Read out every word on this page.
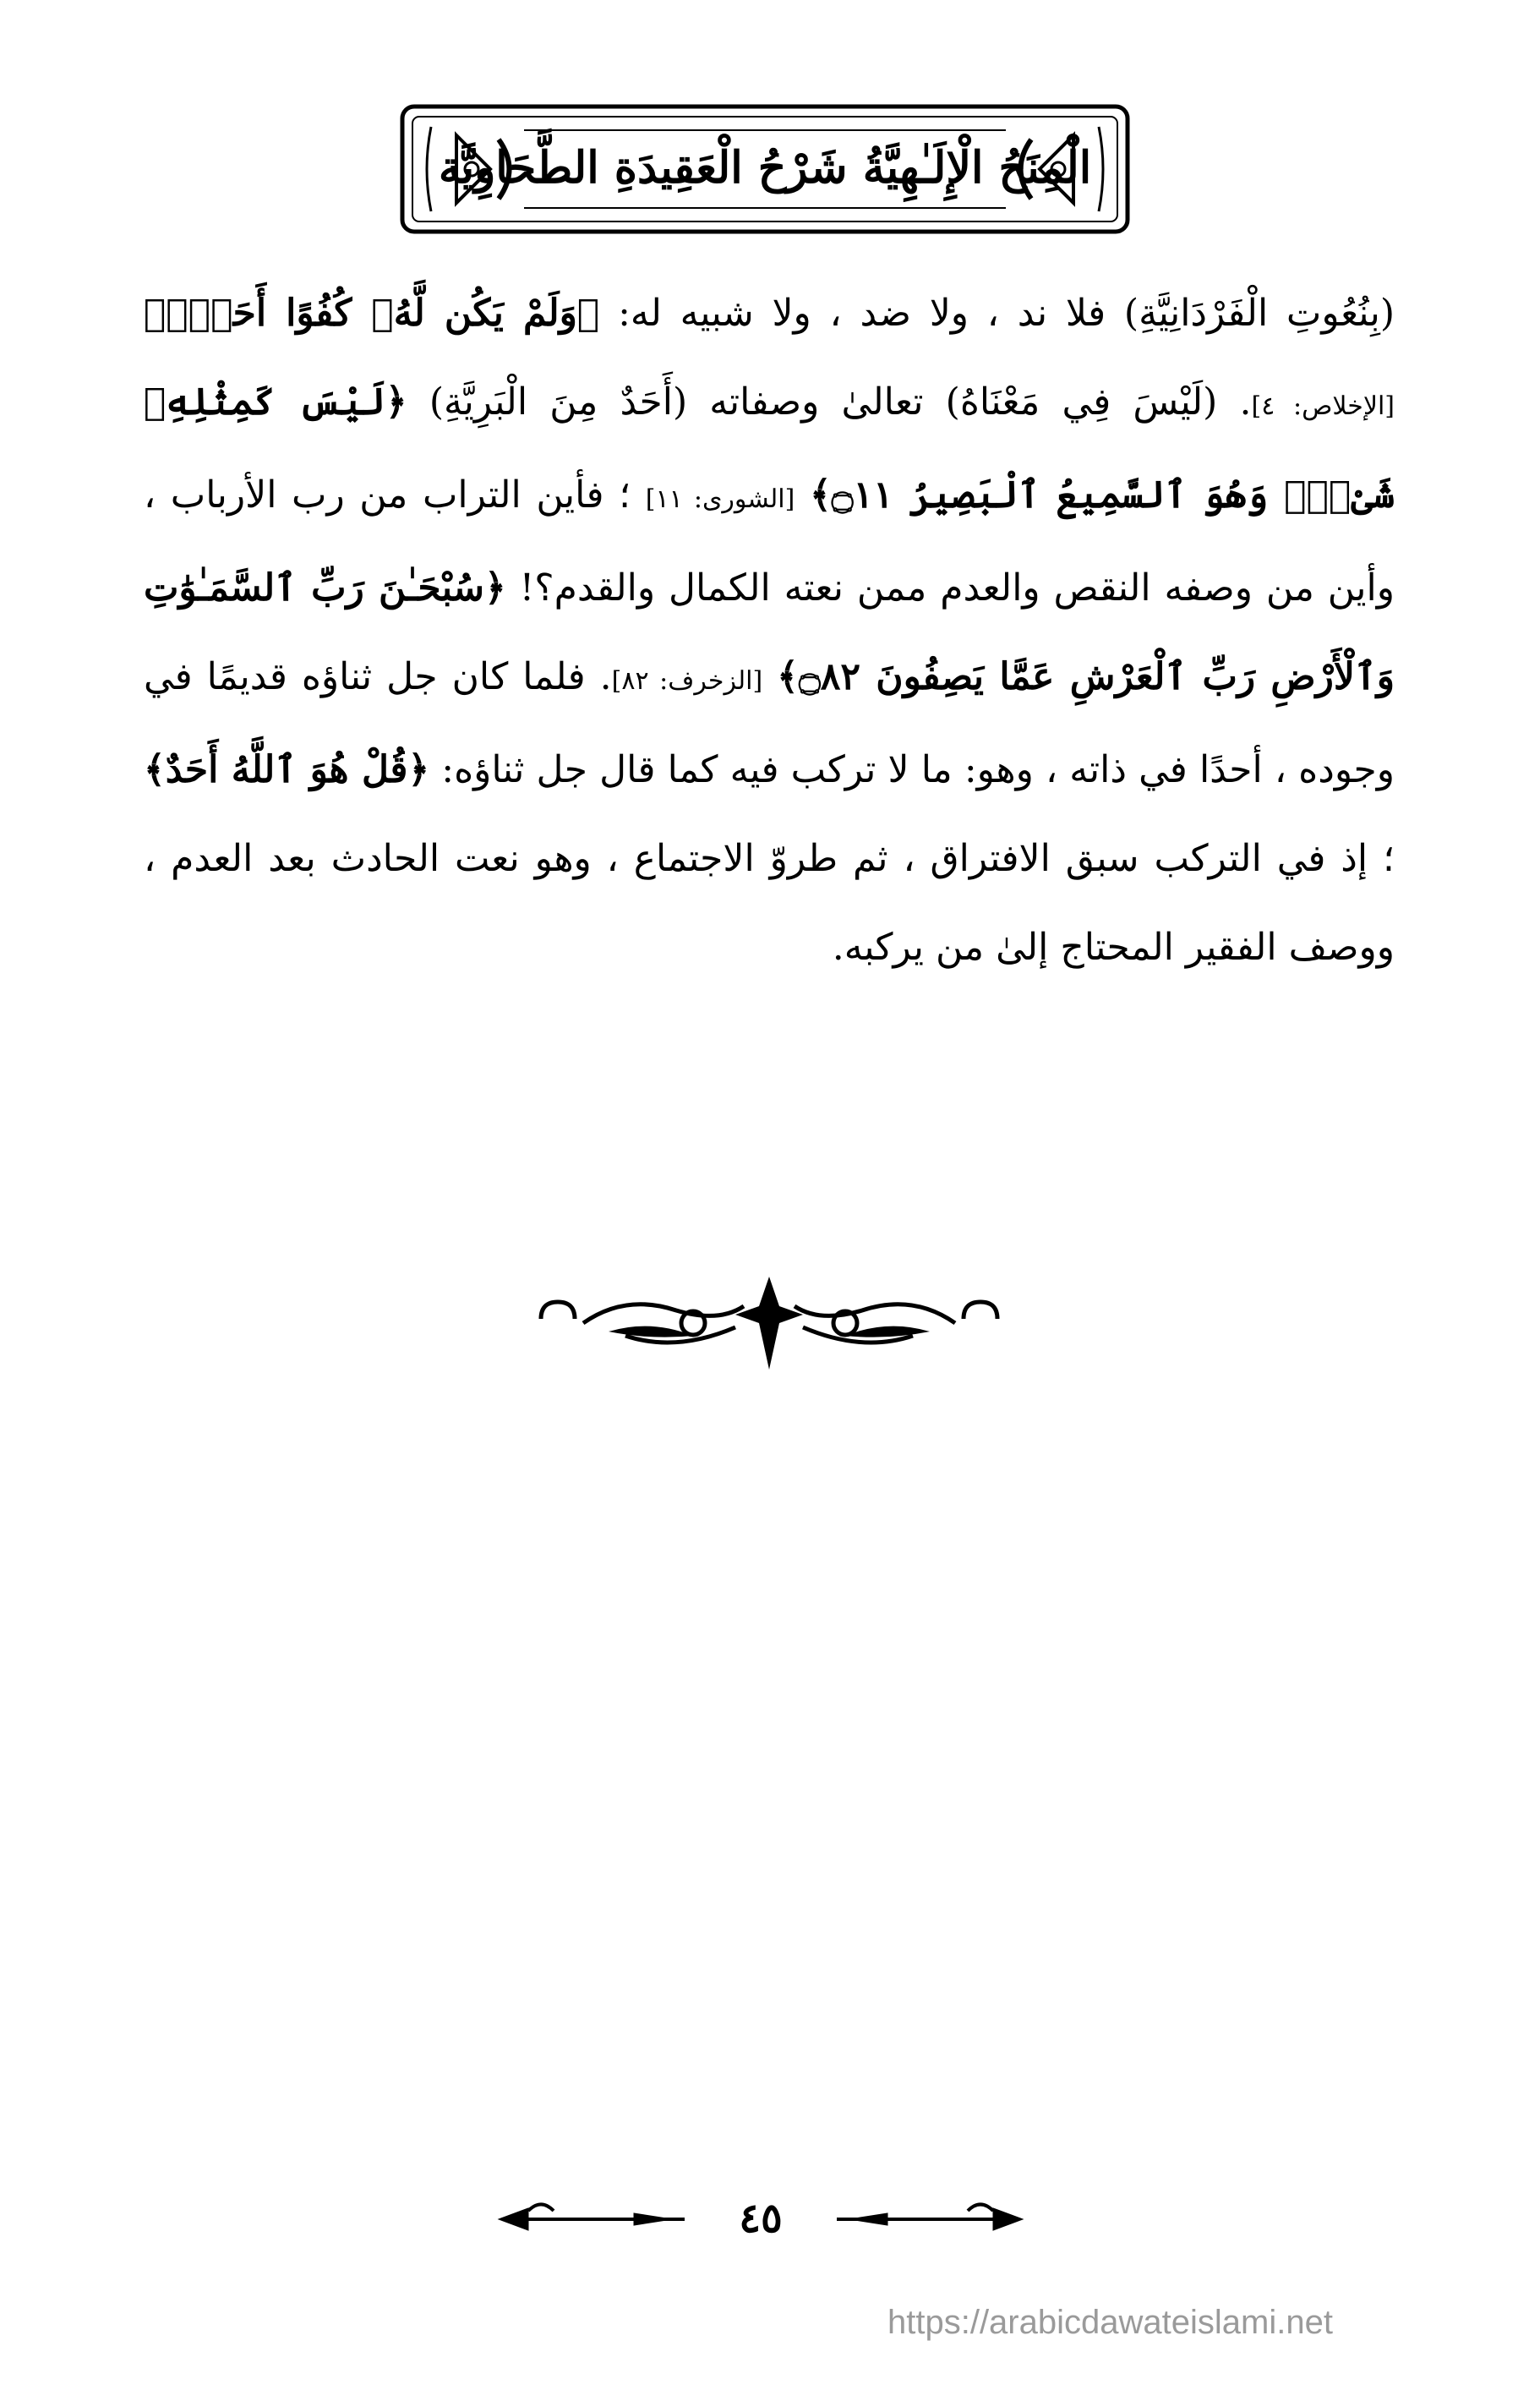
الْمِنَحُ الْإِلَـٰهِيَّةُ شَرْحُ الْعَقِيدَةِ الطَّحَاوِيَّة

(بِنُعُوتِ الْفَرْدَانِيَّةِ) فلا ند ، ولا ضد ، ولا شبيه له: ﴿وَلَمْ يَكُن لَّهُۥ كُفُوًا أَحَدٌۢ﴾ [الإخلاص: ٤]. (لَيْسَ فِي مَعْنَاهُ) تعالىٰ وصفاته (أَحَدٌ مِنَ الْبَرِيَّةِ) ﴿لَيْسَ كَمِثْلِهِۦ شَىْءٌۖ وَهُوَ ٱلسَّمِيعُ ٱلْبَصِيرُ ۝١١﴾ [الشورى: ١١] ؛ فأين التراب من رب الأرباب ، وأين من وصفه النقص والعدم ممن نعته الكمال والقدم؟! ﴿سُبْحَـٰنَ رَبِّ ٱلسَّمَـٰوَٰتِ وَٱلْأَرْضِ رَبِّ ٱلْعَرْشِ عَمَّا يَصِفُونَ ۝٨٢﴾ [الزخرف: ٨٢]. فلما كان جل ثناؤه قديمًا في وجوده ، أحدًا في ذاته ، وهو: ما لا تركب فيه كما قال جل ثناؤه: ﴿قُلْ هُوَ ٱللَّهُ أَحَدٌ﴾ ؛ إذ في التركب سبق الافتراق ، ثم طروّ الاجتماع ، وهو نعت الحادث بعد العدم ، ووصف الفقير المحتاج إلىٰ من يركبه.

٤٥
https://arabicdawateislami.net
